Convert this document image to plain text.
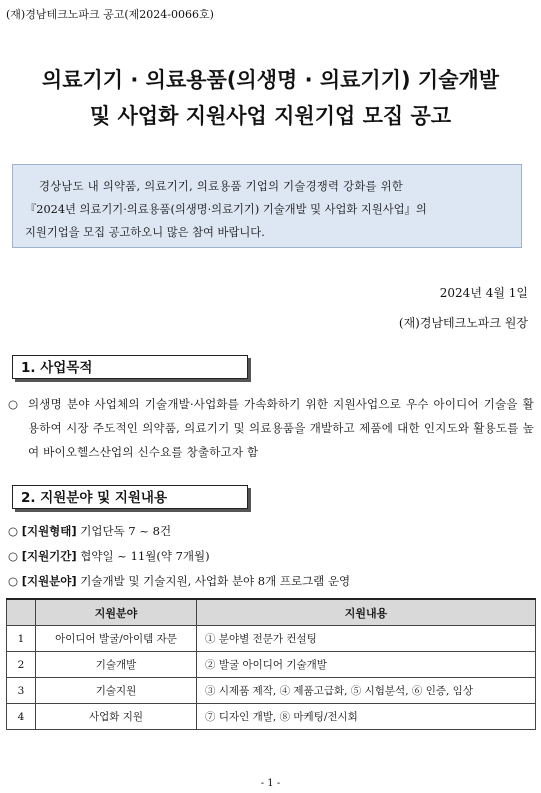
(재)경남테크노파크 공고(제2024-0066호)
의료기기 · 의료용품(의생명 · 의료기기) 기술개발
및 사업화 지원사업 지원기업 모집 공고
경상남도 내 의약품, 의료기기, 의료용품 기업의 기술경쟁력 강화를 위한
『2024년 의료기기·의료용품(의생명·의료기기) 기술개발 및 사업화 지원사업』의
지원기업을 모집 공고하오니 많은 참여 바랍니다.
2024년 4월 1일
(재)경남테크노파크 원장
1. 사업목적
○ 의생명 분야 사업체의 기술개발·사업화를 가속화하기 위한 지원사업으로 우수 아이디어 기술을 활용하여 시장 주도적인 의약품, 의료기기 및 의료용품을 개발하고 제품에 대한 인지도와 활용도를 높여 바이오헬스산업의 신수요를 창출하고자 함
2. 지원분야 및 지원내용
○ [지원형태] 기업단독 7 ~ 8건
○ [지원기간] 협약일 ~ 11월(약 7개월)
○ [지원분야] 기술개발 및 기술지원, 사업화 분야 8개 프로그램 운영
	지원분야	지원내용
1	아이디어 발굴/아이템 자문	① 분야별 전문가 컨설팅
2	기술개발	② 발굴 아이디어 기술개발
3	기술지원	③ 시제품 제작, ④ 제품고급화, ⑤ 시험분석, ⑥ 인증, 임상
4	사업화 지원	⑦ 디자인 개발, ⑧ 마케팅/전시회
- 1 -
